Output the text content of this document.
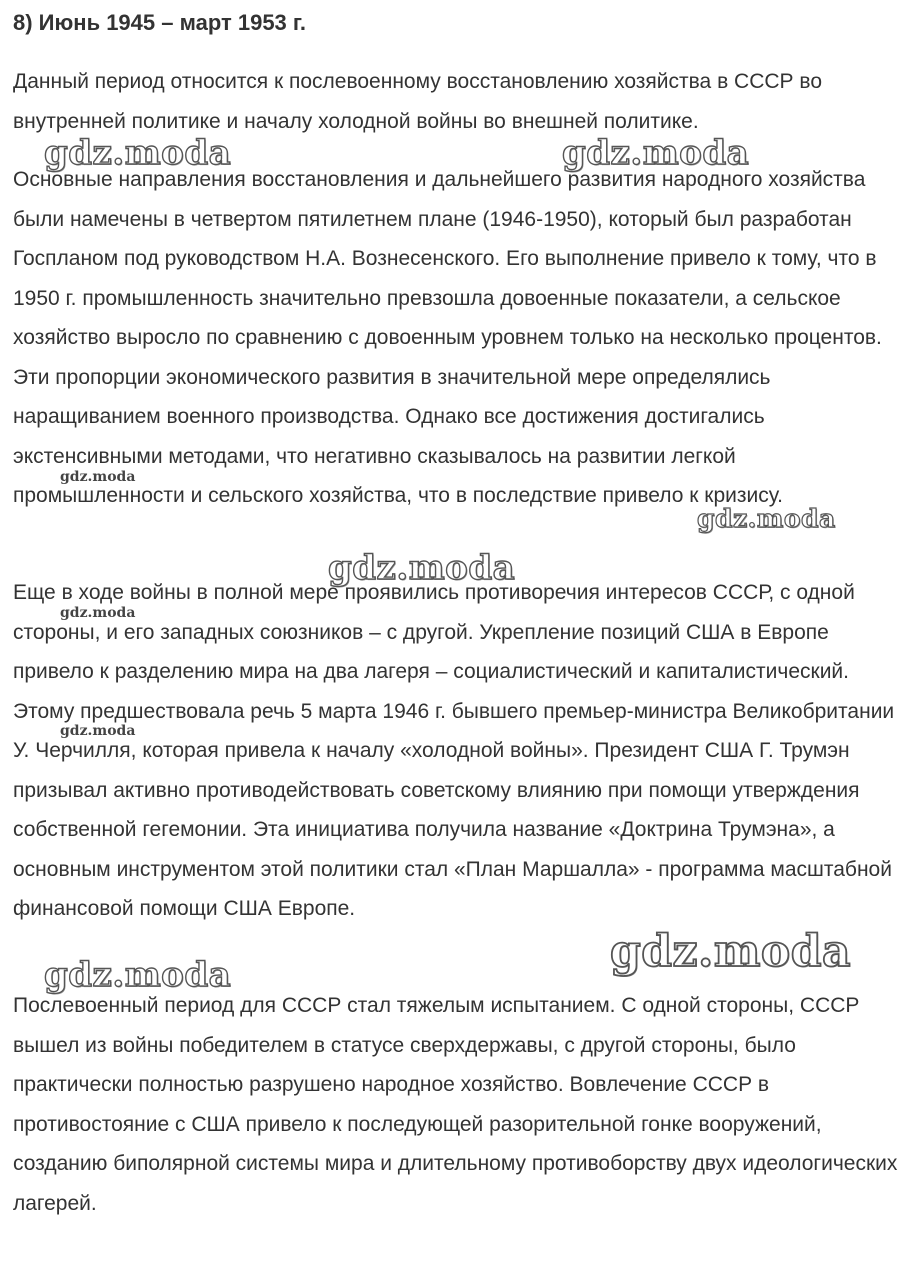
8) Июнь 1945 – март 1953 г.

Данный период относится к послевоенному восстановлению хозяйства в СССР во внутренней политике и началу холодной войны во внешней политике.

Основные направления восстановления и дальнейшего развития народного хозяйства были намечены в четвертом пятилетнем плане (1946-1950), который был разработан Госпланом под руководством Н.А. Вознесенского. Его выполнение привело к тому, что в 1950 г. промышленность значительно превзошла довоенные показатели, а сельское хозяйство выросло по сравнению с довоенным уровнем только на несколько процентов. Эти пропорции экономического развития в значительной мере определялись наращиванием военного производства. Однако все достижения достигались экстенсивными методами, что негативно сказывалось на развитии легкой промышленности и сельского хозяйства, что в последствие привело к кризису.

Еще в ходе войны в полной мере проявились противоречия интересов СССР, с одной стороны, и его западных союзников – с другой. Укрепление позиций США в Европе привело к разделению мира на два лагеря – социалистический и капиталистический. Этому предшествовала речь 5 марта 1946 г. бывшего премьер-министра Великобритании У. Черчилля, которая привела к началу «холодной войны». Президент США Г. Трумэн призывал активно противодействовать советскому влиянию при помощи утверждения собственной гегемонии. Эта инициатива получила название «Доктрина Трумэна», а основным инструментом этой политики стал «План Маршалла» - программа масштабной финансовой помощи США Европе.

Послевоенный период для СССР стал тяжелым испытанием. С одной стороны, СССР вышел из войны победителем в статусе сверхдержавы, с другой стороны, было практически полностью разрушено народное хозяйство. Вовлечение СССР в противостояние с США привело к последующей разорительной гонке вооружений, созданию биполярной системы мира и длительному противоборству двух идеологических лагерей.

gdz.moda	gdz.moda
gdz.moda
gdz.moda
gdz.moda
gdz.moda
gdz.moda
gdz.moda
gdz.moda
